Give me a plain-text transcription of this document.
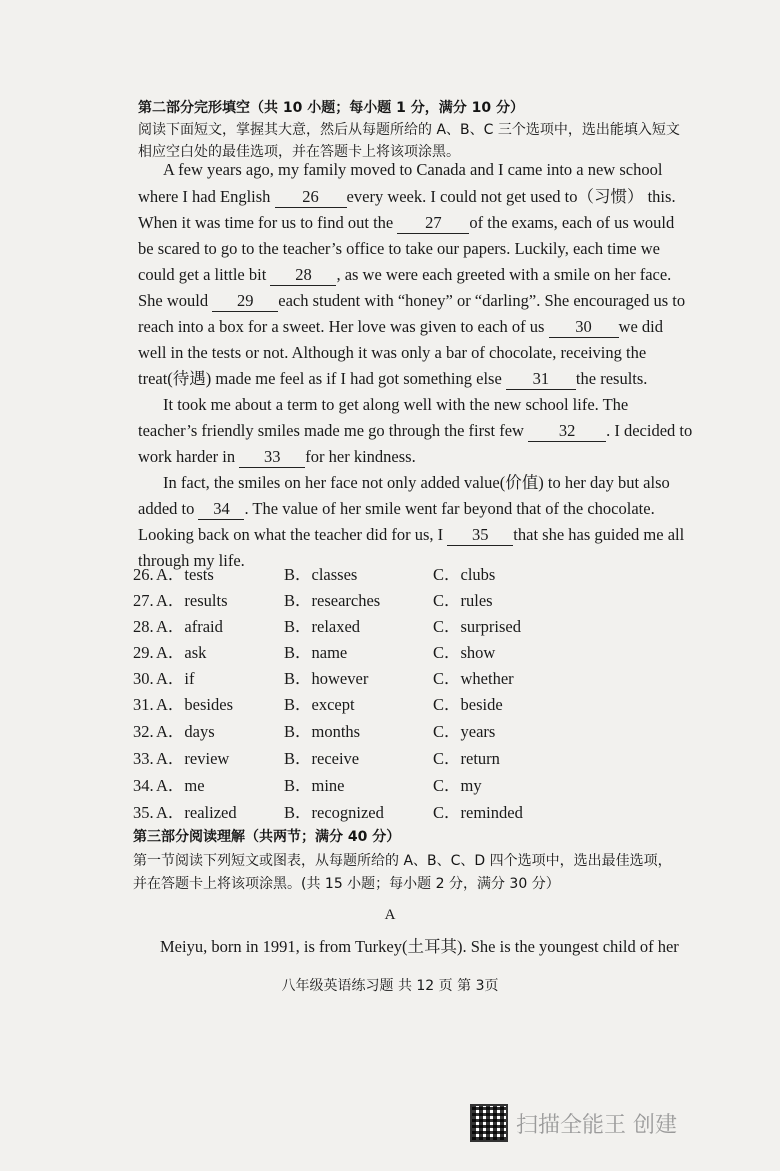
第二部分完形填空（共 10 小题；每小题 1 分，满分 10 分）
阅读下面短文，掌握其大意，然后从每题所给的 A、B、C 三个选项中，选出能填入短文
相应空白处的最佳选项，并在答题卡上将该项涂黑。
A few years ago, my family moved to Canada and I came into a new school
where I had English 26 every week. I could not get used to（习惯） this.
When it was time for us to find out the 27 of the exams, each of us would
be scared to go to the teacher’s office to take our papers. Luckily, each time we
could get a little bit 28 , as we were each greeted with a smile on her face.
She would 29 each student with “honey” or “darling”. She encouraged us to
reach into a box for a sweet. Her love was given to each of us 30 we did
well in the tests or not. Although it was only a bar of chocolate, receiving the
treat(待遇) made me feel as if I had got something else 31 the results.
It took me about a term to get along well with the new school life. The
teacher’s friendly smiles made me go through the first few 32 . I decided to
work harder in 33 for her kindness.
In fact, the smiles on her face not only added value(价值) to her day but also
added to 34 . The value of her smile went far beyond that of the chocolate.
Looking back on what the teacher did for us, I 35 that she has guided me all
through my life.
26. A．tests	B．classes	C．clubs
27. A．results	B．researches	C．rules
28. A．afraid	B．relaxed	C．surprised
29. A．ask	B．name	C．show
30. A．if	B．however	C．whether
31. A．besides	B．except	C．beside
32. A．days	B．months	C．years
33. A．review	B．receive	C．return
34. A．me	B．mine	C．my
35. A．realized	B．recognized	C．reminded
第三部分阅读理解（共两节；满分 40 分）
第一节阅读下列短文或图表，从每题所给的 A、B、C、D 四个选项中，选出最佳选项，
并在答题卡上将该项涂黑。(共 15 小题；每小题 2 分，满分 30 分）
A
Meiyu, born in 1991, is from Turkey(土耳其). She is the youngest child of her
八年级英语练习题 共 12 页 第 3页
扫描全能王 创建
